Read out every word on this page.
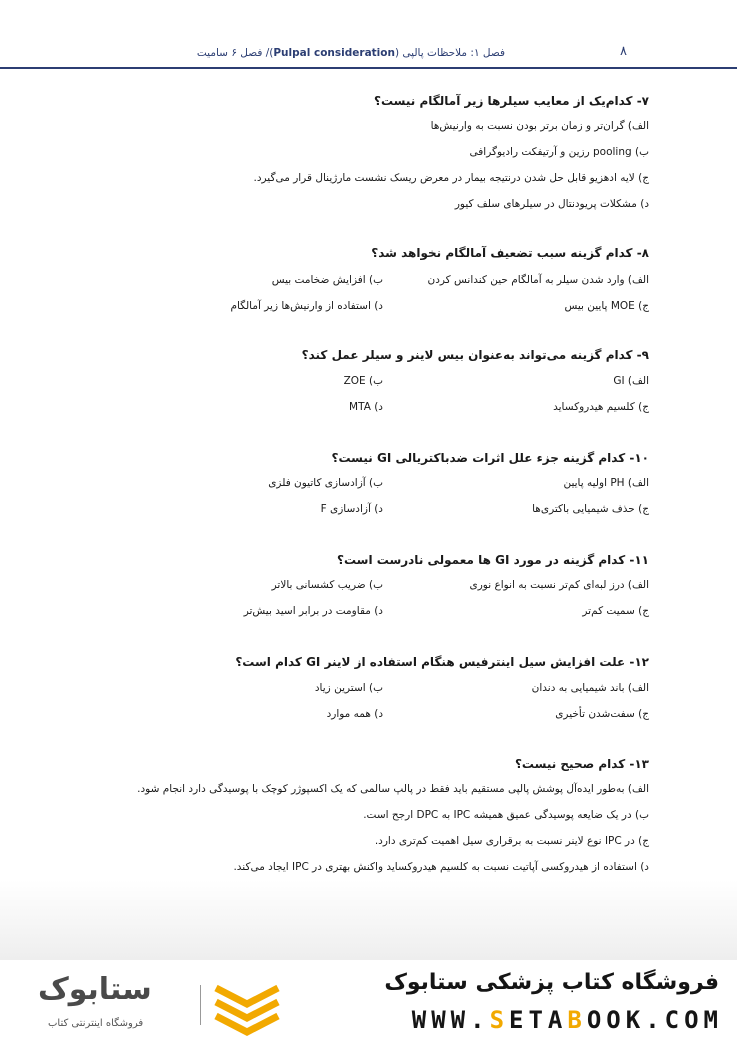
۸
فصل ۱: ملاحظات پالپی (Pulpal consideration)/ فصل ۶ سامیت
۷- کدام‌یک از معایب سیلرها زیر آمالگام نیست؟
الف) گران‌تر و زمان برتر بودن نسبت به وارنیش‌ها
ب) pooling رزین و آرتیفکت رادیوگرافی
ج) لایه ادهزیو قابل حل شدن درنتیجه بیمار در معرض ریسک نشست مارژینال قرار می‌گیرد.
د) مشکلات پریودنتال در سیلرهای سلف کیور
۸- کدام گزینه سبب تضعیف آمالگام نخواهد شد؟
الف) وارد شدن سیلر به آمالگام حین کندانس کردن
ب) افزایش ضخامت بیس
ج) MOE پایین بیس
د) استفاده از وارنیش‌ها زیر آمالگام
۹- کدام گزینه می‌تواند به‌عنوان بیس لاینر و سیلر عمل کند؟
الف) GI
ب) ZOE
ج) کلسیم هیدروکساید
د) MTA
۱۰- کدام گزینه جزء علل اثرات ضدباکتریالی GI نیست؟
الف) PH اولیه پایین
ب) آزادسازی کاتیون فلزی
ج) حذف شیمیایی باکتری‌ها
د) آزادسازی F
۱۱- کدام گزینه در مورد GI ها معمولی نادرست است؟
الف) درز لبه‌ای کم‌تر نسبت به انواع نوری
ب) ضریب کشسانی بالاتر
ج) سمیت کم‌تر
د) مقاومت در برابر اسید بیش‌تر
۱۲- علت افزایش سیل اینترفیس هنگام استفاده از لاینر GI کدام است؟
الف) باند شیمیایی به دندان
ب) استرین زیاد
ج) سفت‌شدن تأخیری
د) همه موارد
۱۳- کدام صحیح نیست؟
الف) به‌طور ایده‌آل پوشش پالپی مستقیم باید فقط در پالپ سالمی که یک اکسپوژر کوچک با پوسیدگی دارد انجام شود.
ب) در یک ضایعه پوسیدگی عمیق همیشه IPC به DPC ارجح است.
ج) در IPC نوع لاینر نسبت به برقراری سیل اهمیت کم‌تری دارد.
د) استفاده از هیدروکسی آپاتیت نسبت به کلسیم هیدروکساید واکنش بهتری در IPC ایجاد می‌کند.
فروشگاه کتاب پزشکی ستابوک
WWW.SETABOOK.COM
ستابوک
فروشگاه اینترنتی کتاب
